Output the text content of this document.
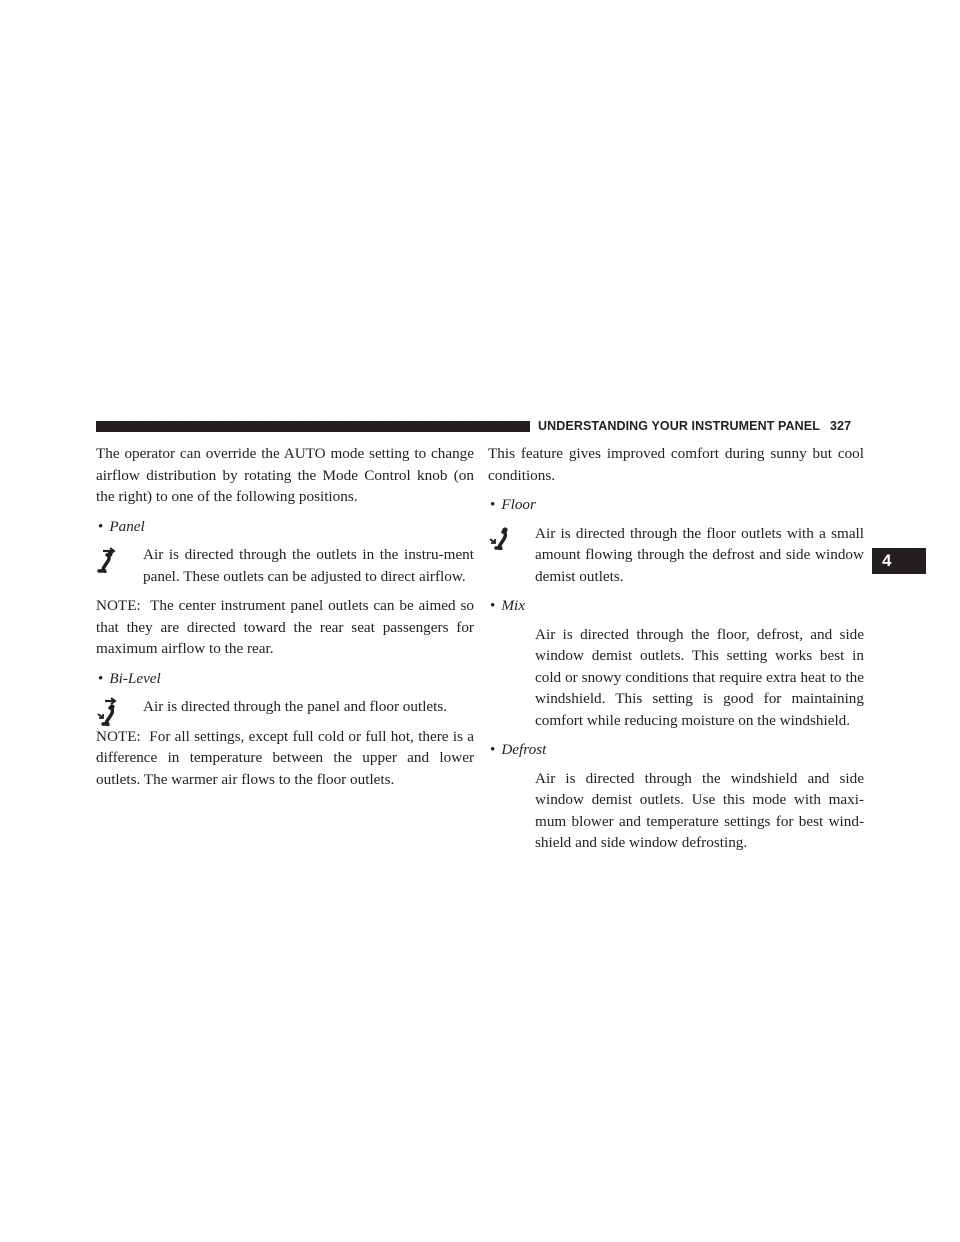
UNDERSTANDING YOUR INSTRUMENT PANEL 327
4

The operator can override the AUTO mode setting to change airflow distribution by rotating the Mode Control knob (on the right) to one of the following positions.

• Panel
Air is directed through the outlets in the instru-ment panel. These outlets can be adjusted to direct airflow.

NOTE: The center instrument panel outlets can be aimed so that they are directed toward the rear seat passengers for maximum airflow to the rear.

• Bi-Level
Air is directed through the panel and floor outlets.

NOTE: For all settings, except full cold or full hot, there is a difference in temperature between the upper and lower outlets. The warmer air flows to the floor outlets.

This feature gives improved comfort during sunny but cool conditions.

• Floor
Air is directed through the floor outlets with a small amount flowing through the defrost and side window demist outlets.
• Mix
Air is directed through the floor, defrost, and side window demist outlets. This setting works best in cold or snowy conditions that require extra heat to the windshield. This setting is good for maintaining comfort while reducing moisture on the windshield.
• Defrost
Air is directed through the windshield and side window demist outlets. Use this mode with maxi-mum blower and temperature settings for best wind-shield and side window defrosting.
